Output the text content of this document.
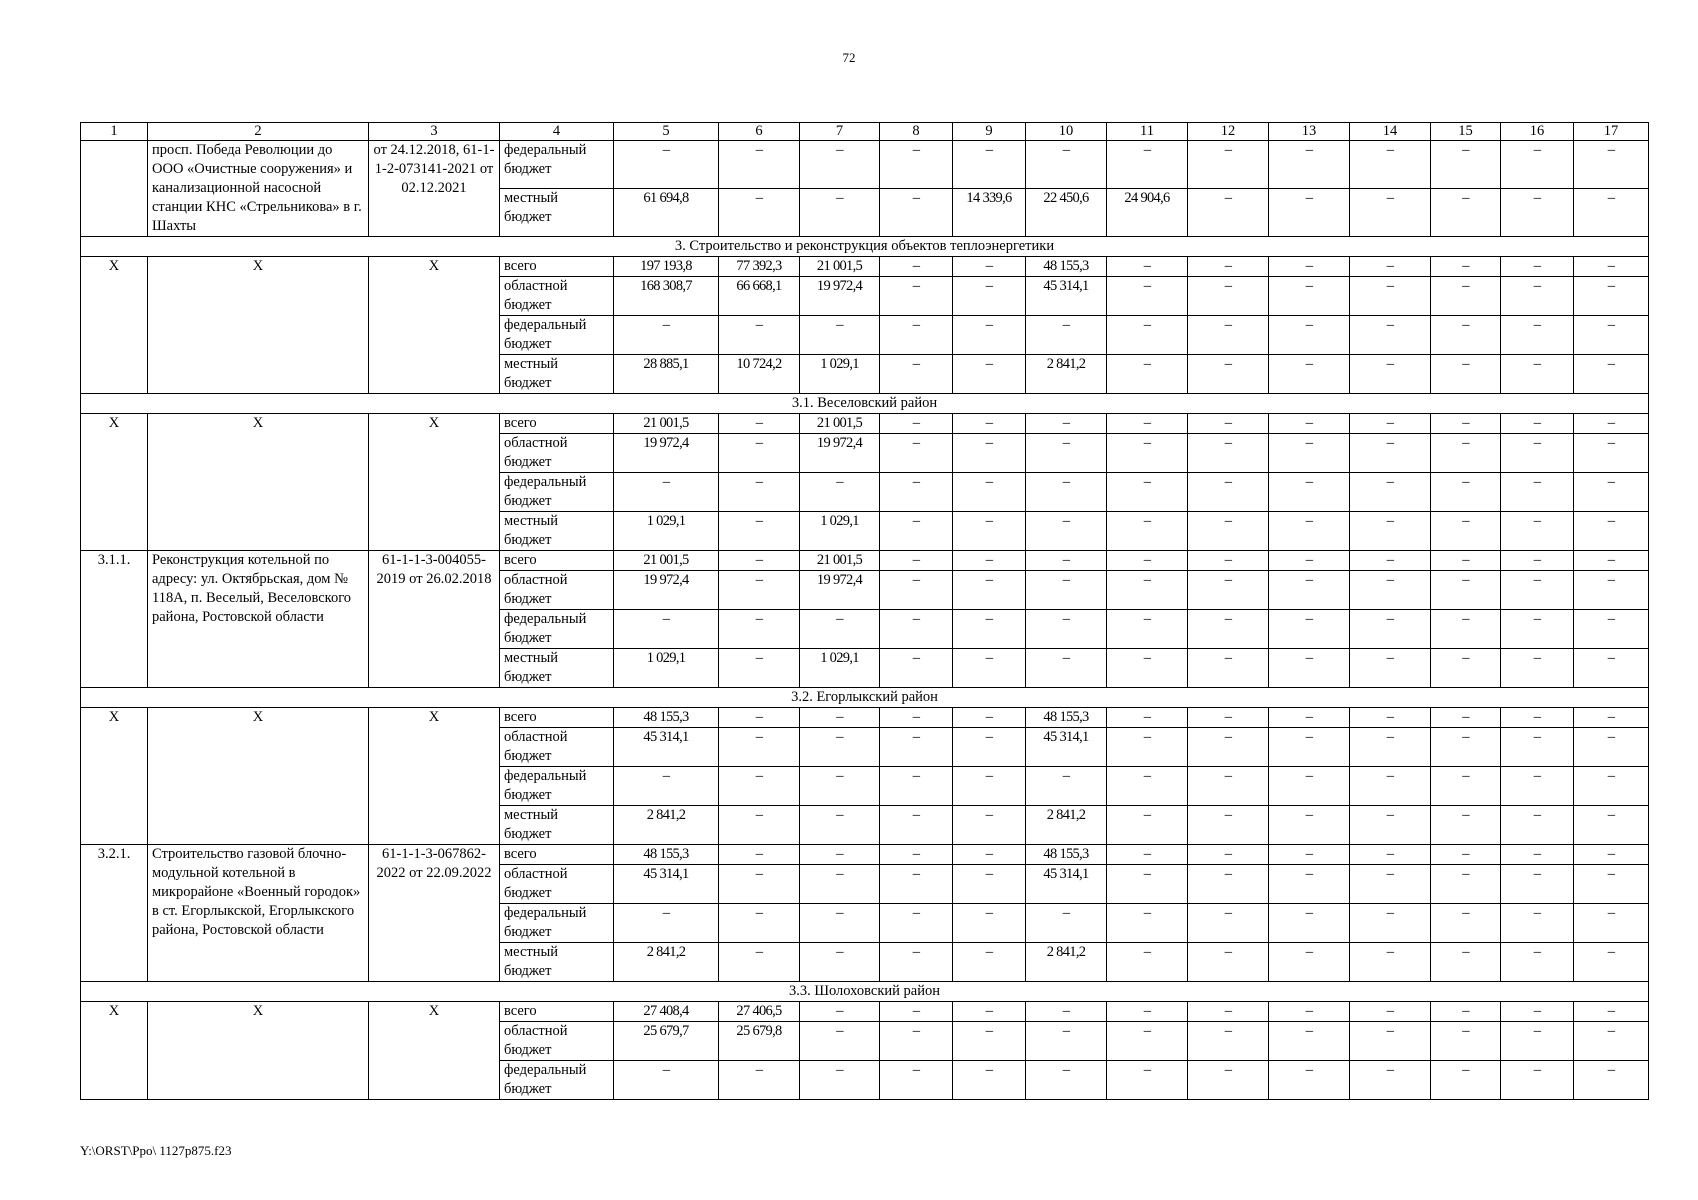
72
1	2	3	4	5	6	7	8	9	10	11	12	13	14	15	16	17
	просп. Победа Революции до ООО «Очистные сооружения» и канализационной насосной станции КНС «Стрельникова» в г. Шахты	от 24.12.2018, 61-1-1-2-073141-2021 от 02.12.2021	федеральный бюджет	–	–	–	–	–	–	–	–	–	–	–	–	–
			местный бюджет	61 694,8	–	–	–	14 339,6	22 450,6	24 904,6	–	–	–	–	–	–
3. Строительство и реконструкция объектов теплоэнергетики																
Х	Х	Х	всего	197 193,8	77 392,3	21 001,5	–	–	48 155,3	–	–	–	–	–	–	–
			областной бюджет	168 308,7	66 668,1	19 972,4	–	–	45 314,1	–	–	–	–	–	–	–
			федеральный бюджет	–	–	–	–	–	–	–	–	–	–	–	–	–
			местный бюджет	28 885,1	10 724,2	1 029,1	–	–	2 841,2	–	–	–	–	–	–	–
3.1. Веселовский район																
Х	Х	Х	всего	21 001,5	–	21 001,5	–	–	–	–	–	–	–	–	–	–
			областной бюджет	19 972,4	–	19 972,4	–	–	–	–	–	–	–	–	–	–
			федеральный бюджет	–	–	–	–	–	–	–	–	–	–	–	–	–
			местный бюджет	1 029,1	–	1 029,1	–	–	–	–	–	–	–	–	–	–
3.1.1.	Реконструкция котельной по адресу: ул. Октябрьская, дом № 118А, п. Веселый, Веселовского района, Ростовской области	61-1-1-3-004055-2019 от 26.02.2018	всего	21 001,5	–	21 001,5	–	–	–	–	–	–	–	–	–	–
			областной бюджет	19 972,4	–	19 972,4	–	–	–	–	–	–	–	–	–	–
			федеральный бюджет	–	–	–	–	–	–	–	–	–	–	–	–	–
			местный бюджет	1 029,1	–	1 029,1	–	–	–	–	–	–	–	–	–	–
3.2. Егорлыкский район																
Х	Х	Х	всего	48 155,3	–	–	–	–	48 155,3	–	–	–	–	–	–	–
			областной бюджет	45 314,1	–	–	–	–	45 314,1	–	–	–	–	–	–	–
			федеральный бюджет	–	–	–	–	–	–	–	–	–	–	–	–	–
			местный бюджет	2 841,2	–	–	–	–	2 841,2	–	–	–	–	–	–	–
3.2.1.	Строительство газовой блочно-модульной котельной в микрорайоне «Военный городок» в ст. Егорлыкской, Егорлыкского района, Ростовской области	61-1-1-3-067862-2022 от 22.09.2022	всего	48 155,3	–	–	–	–	48 155,3	–	–	–	–	–	–	–
			областной бюджет	45 314,1	–	–	–	–	45 314,1	–	–	–	–	–	–	–
			федеральный бюджет	–	–	–	–	–	–	–	–	–	–	–	–	–
			местный бюджет	2 841,2	–	–	–	–	2 841,2	–	–	–	–	–	–	–
3.3. Шолоховский район																
Х	Х	Х	всего	27 408,4	27 406,5	–	–	–	–	–	–	–	–	–	–	–
			областной бюджет	25 679,7	25 679,8	–	–	–	–	–	–	–	–	–	–	–
			федеральный бюджет	–	–	–	–	–	–	–	–	–	–	–	–	–
Y:\ORST\Ppo\ 1127p875.f23
